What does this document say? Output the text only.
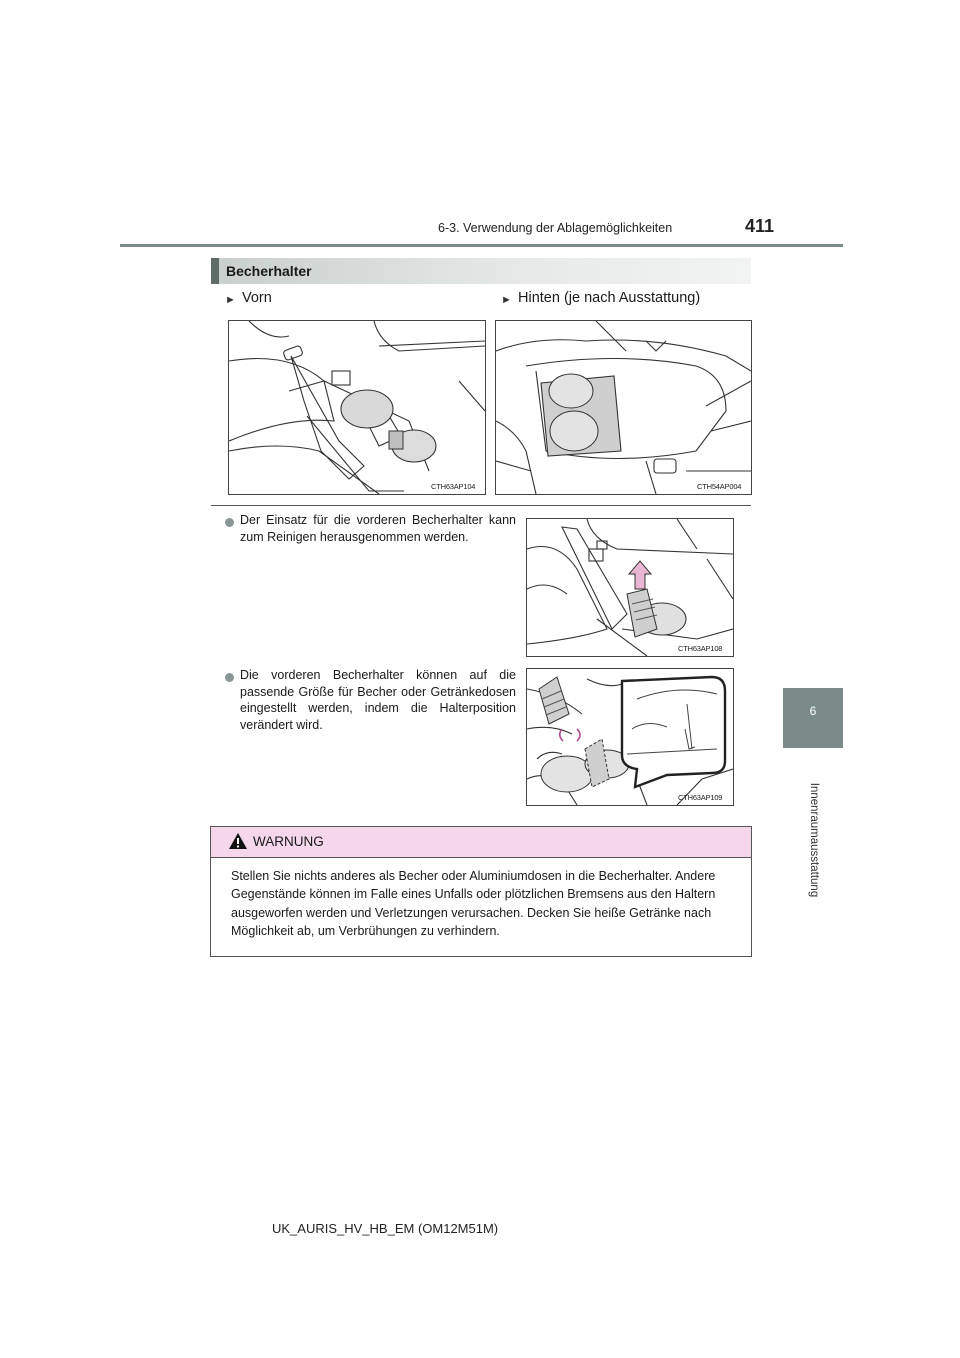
6-3. Verwendung der Ablagemöglichkeiten	411
6
Innenraumausstattung
Becherhalter
► Vorn	► Hinten (je nach Ausstattung)
CTH63AP104	CTH54AP004
Der Einsatz für die vorderen Becherhalter kann zum Reinigen herausgenommen werden.
CTH63AP108
Die vorderen Becherhalter können auf die passende Größe für Becher oder Getränkedosen eingestellt werden, indem die Halterposition verändert wird.
CTH63AP109
WARNUNG
Stellen Sie nichts anderes als Becher oder Aluminiumdosen in die Becherhalter. Andere Gegenstände können im Falle eines Unfalls oder plötzlichen Bremsens aus den Haltern ausgeworfen werden und Verletzungen verursachen. Decken Sie heiße Getränke nach Möglichkeit ab, um Verbrühungen zu verhindern.
UK_AURIS_HV_HB_EM (OM12M51M)
